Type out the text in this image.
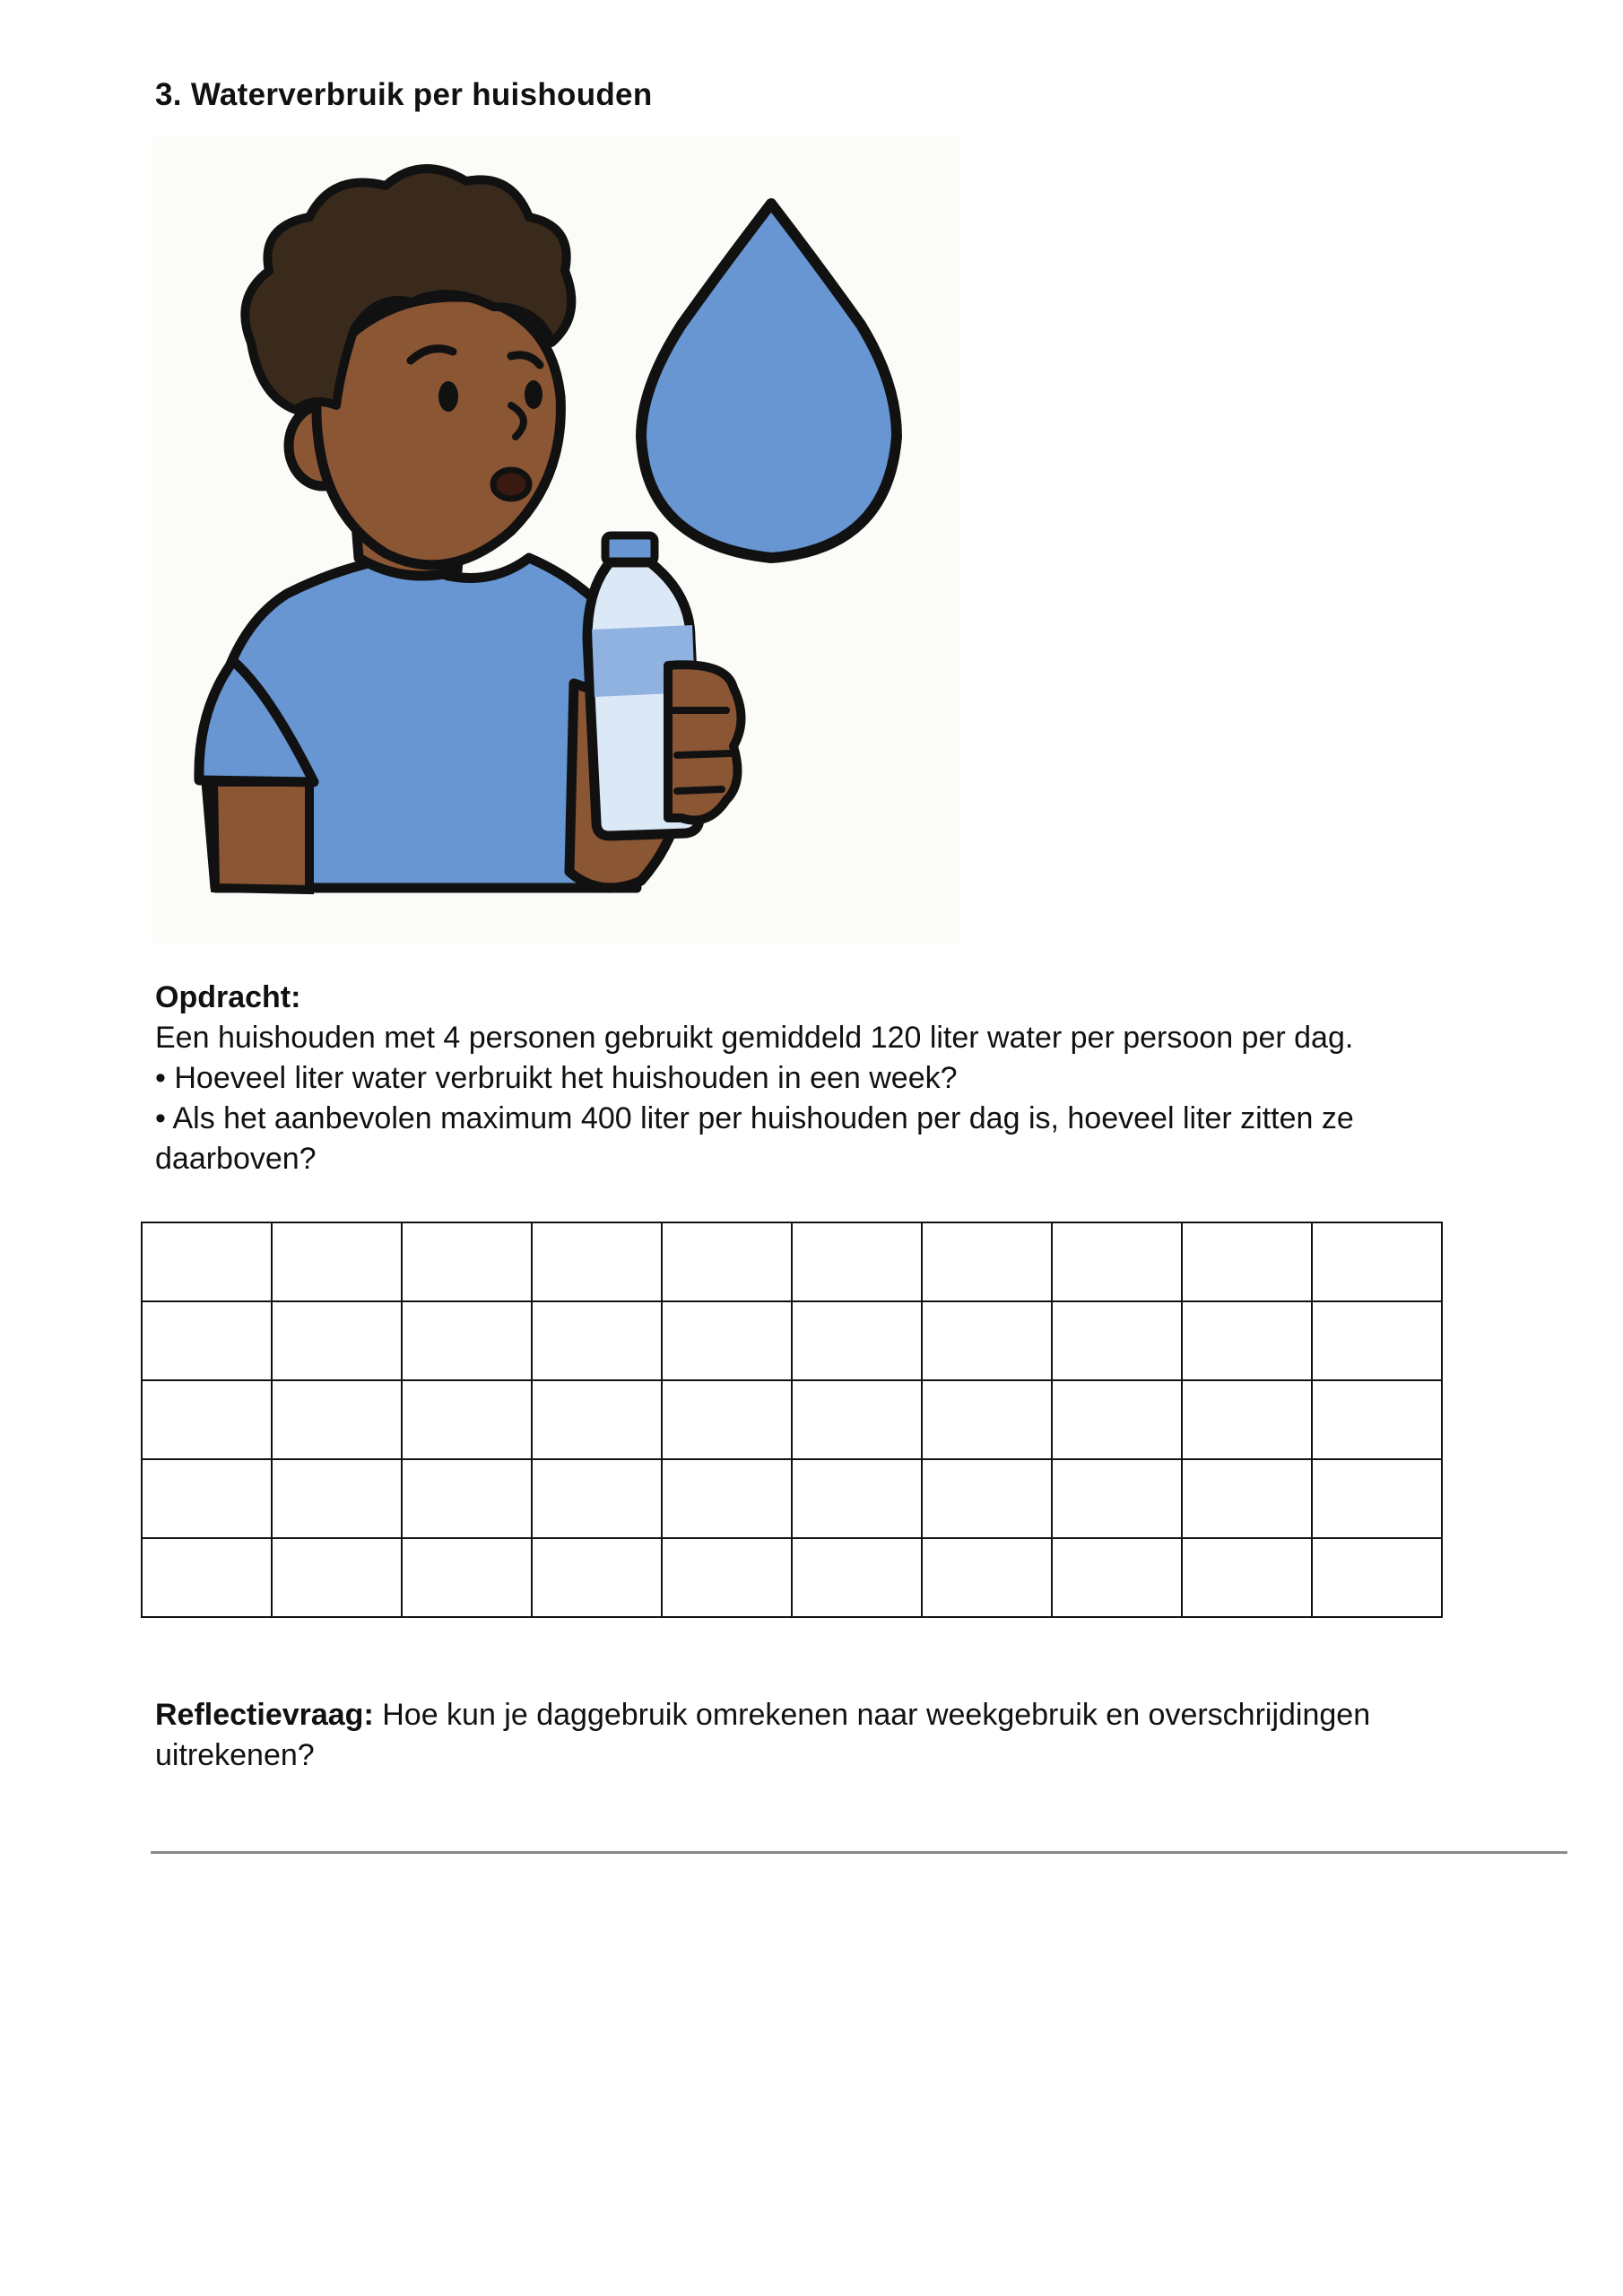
3. Waterverbruik per huishouden

Opdracht:

Een huishouden met 4 personen gebruikt gemiddeld 120 liter water per persoon per dag.

• Hoeveel liter water verbruikt het huishouden in een week?

• Als het aanbevolen maximum 400 liter per huishouden per dag is, hoeveel liter zitten ze daarboven?

Reflectievraag: Hoe kun je daggebruik omrekenen naar weekgebruik en overschrijdingen uitrekenen?
